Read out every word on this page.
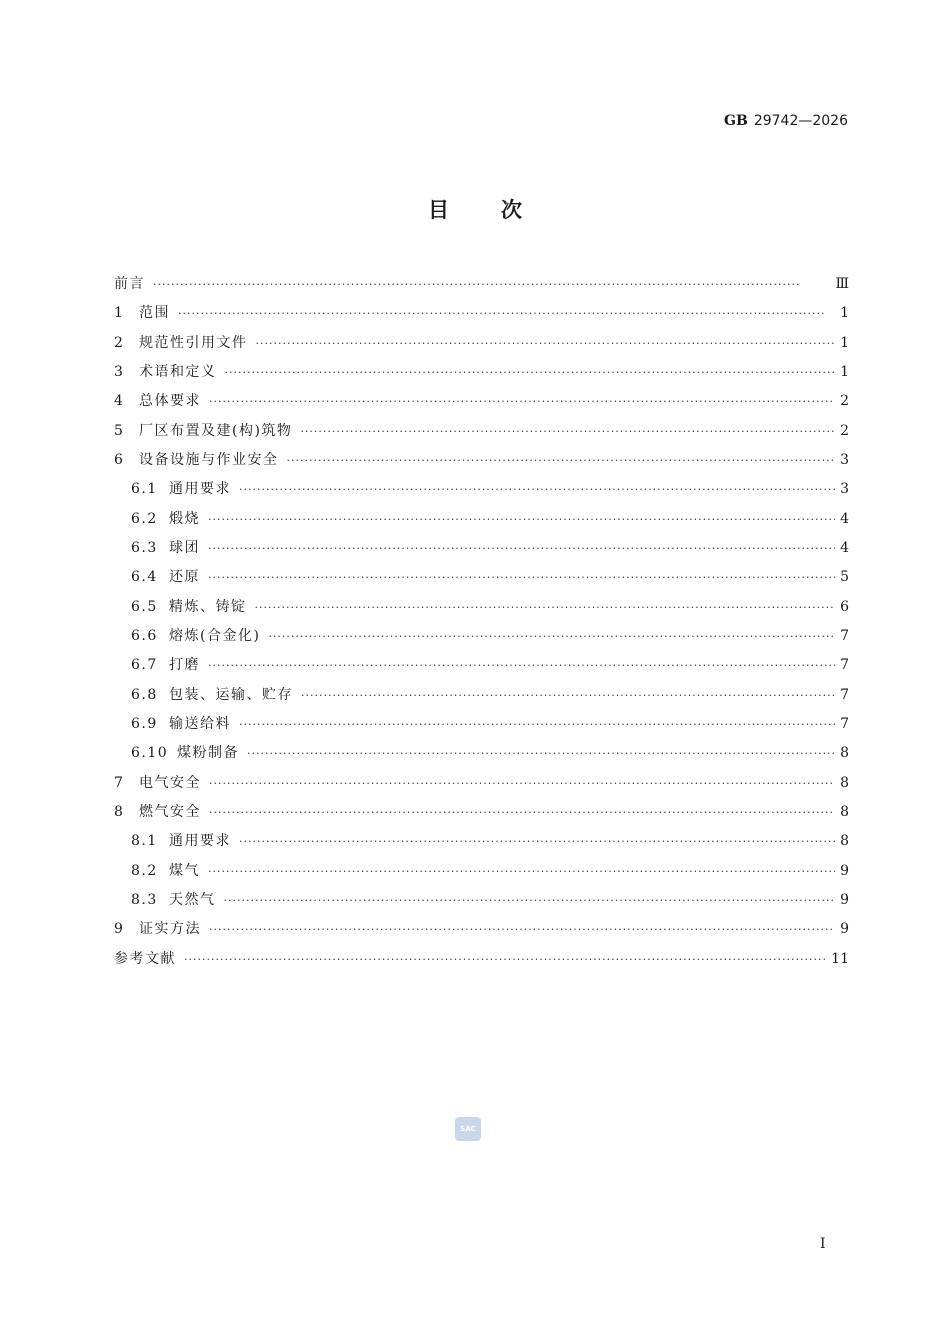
GB 29742—2026
目次
前言 ·····	Ⅲ
1	范围 ·····	1
2	规范性引用文件 ·····	1
3	术语和定义 ·····	1
4	总体要求 ·····	2
5	厂区布置及建(构)筑物 ·····	2
6	设备设施与作业安全 ·····	3
6.1 通用要求 ·····	3
6.2 煅烧 ·····	4
6.3 球团 ·····	4
6.4 还原 ·····	5
6.5 精炼、铸锭 ·····	6
6.6 熔炼(合金化) ·····	7
6.7 打磨 ·····	7
6.8 包装、运输、贮存 ·····	7
6.9 输送给料 ·····	7
6.10 煤粉制备 ·····	8
7	电气安全 ·····	8
8	燃气安全 ·····	8
8.1 通用要求 ·····	8
8.2 煤气 ·····	9
8.3 天然气 ·····	9
9	证实方法 ·····	9
参考文献 ·····	11
SAC
I
